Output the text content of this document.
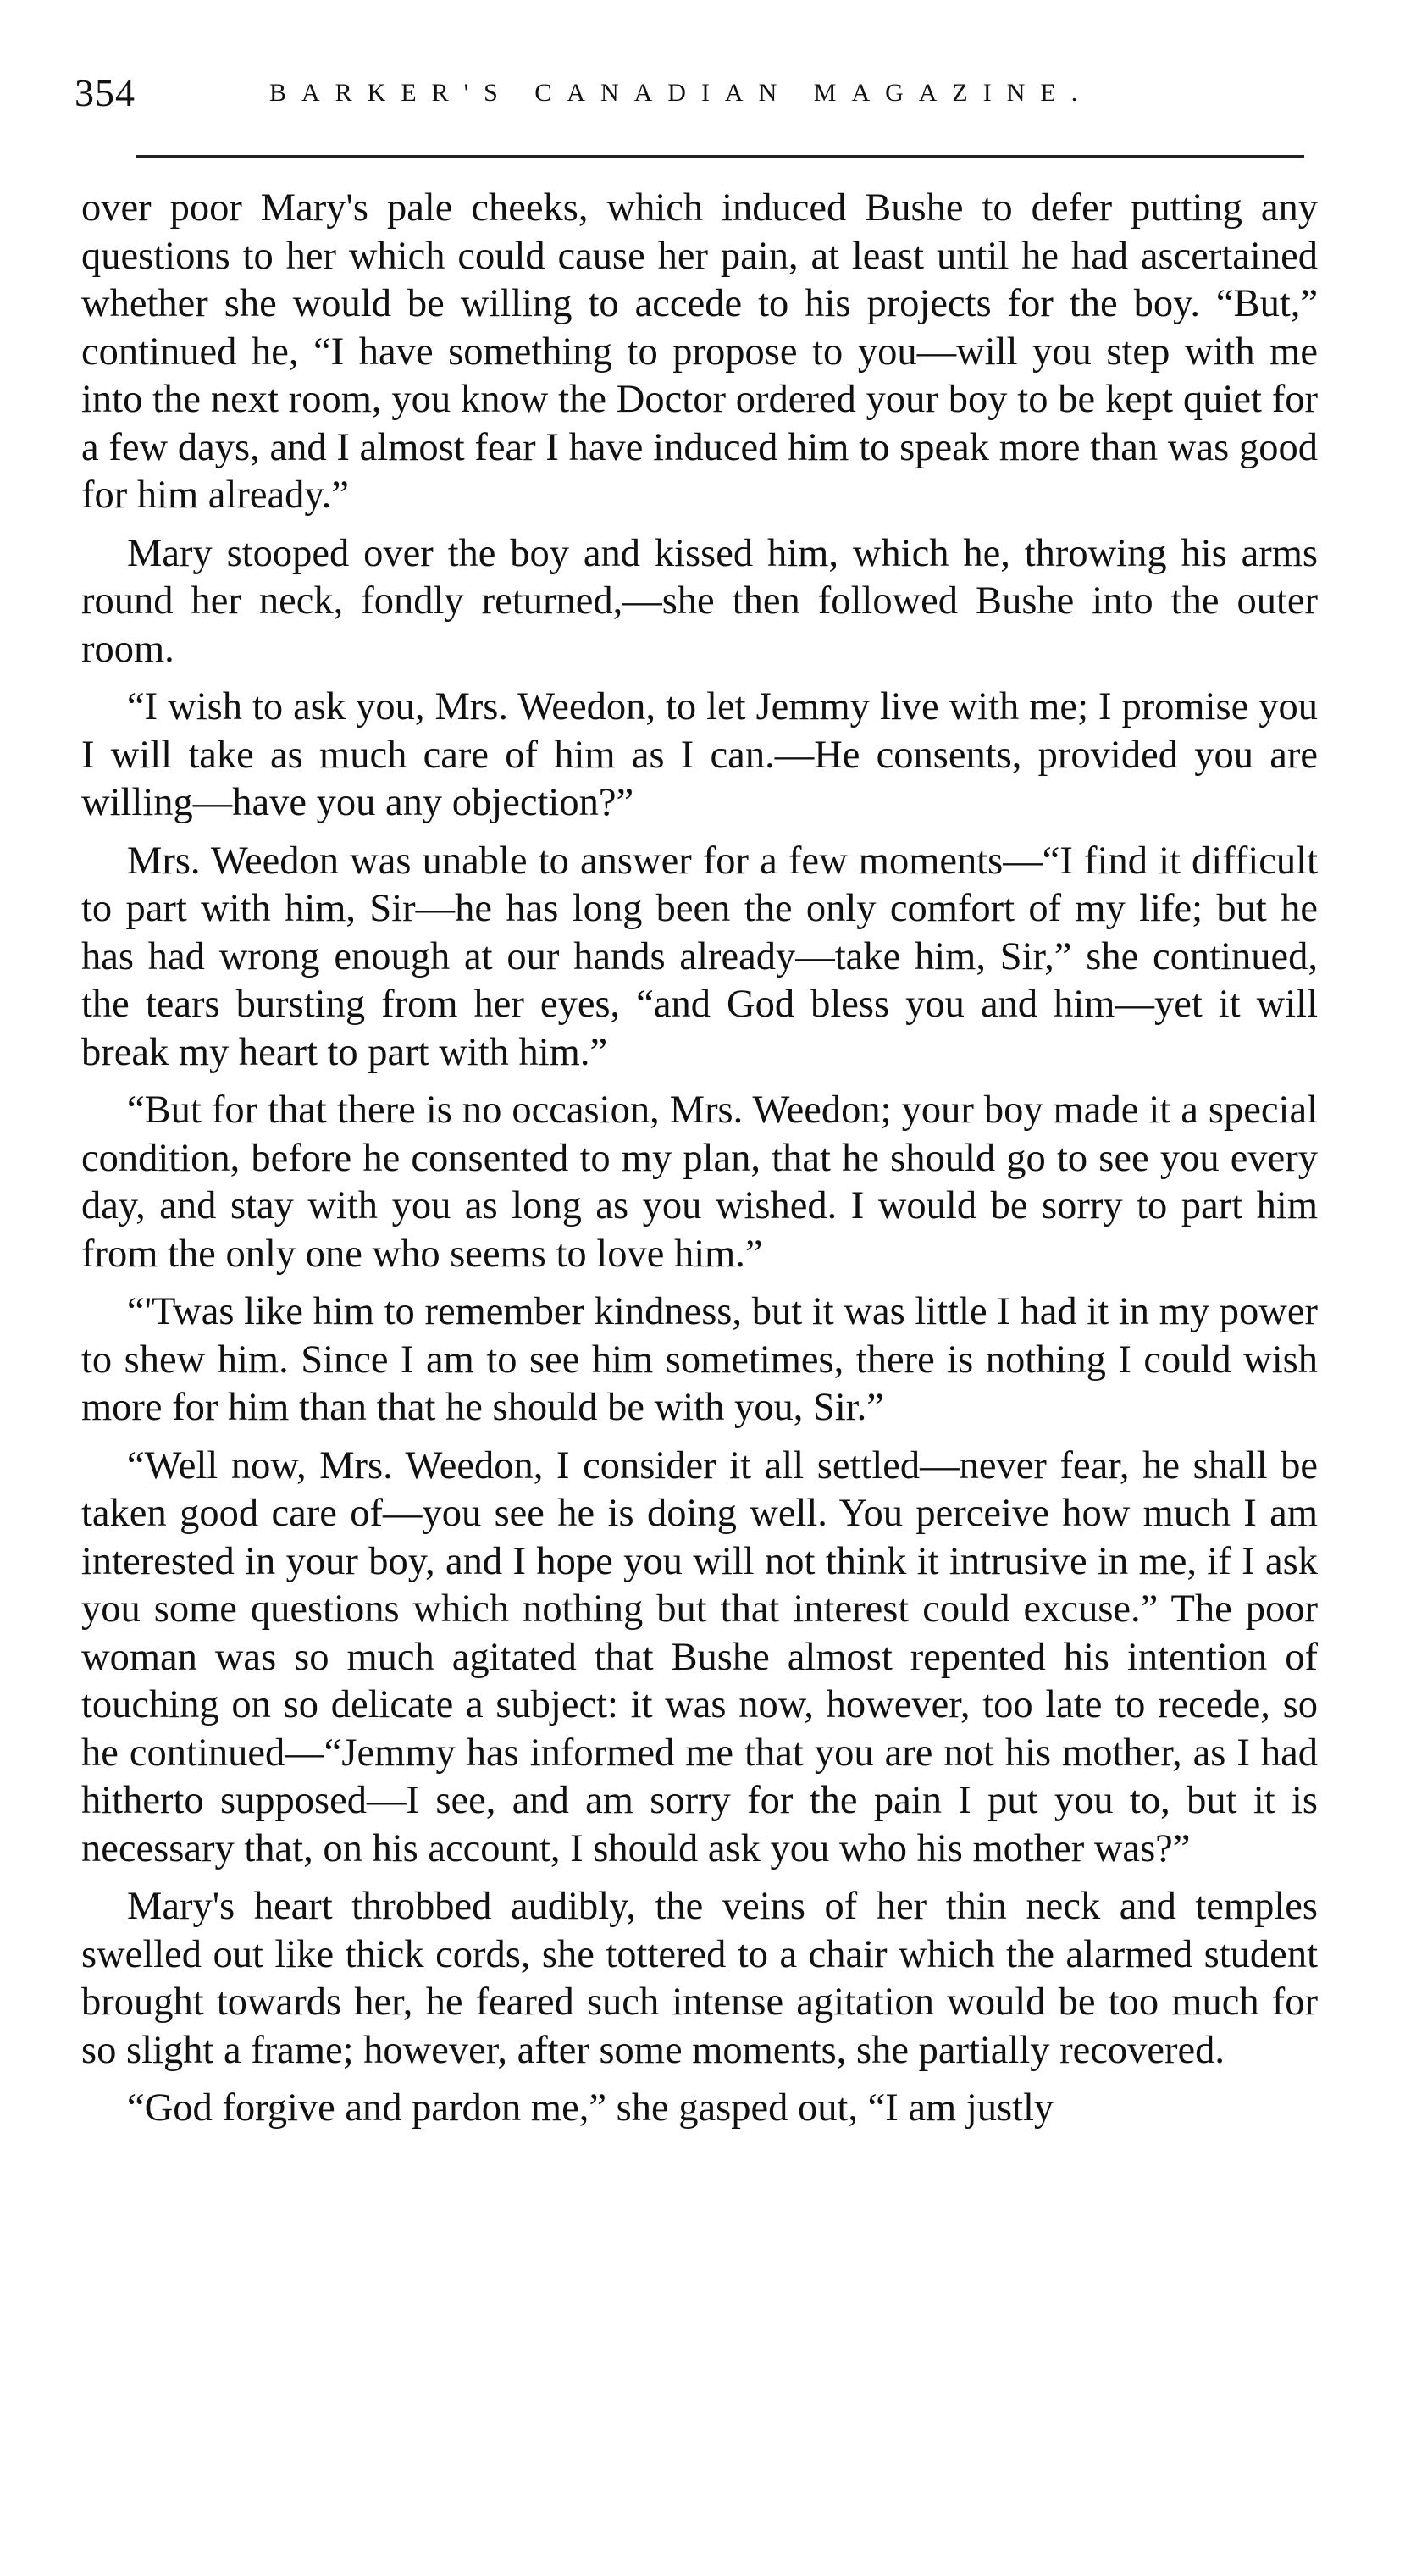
354	BARKER'S CANADIAN MAGAZINE.

over poor Mary's pale cheeks, which induced Bushe to defer putting any questions to her which could cause her pain, at least until he had ascertained whether she would be willing to accede to his projects for the boy. “But,” continued he, “I have something to propose to you—will you step with me into the next room, you know the Doctor ordered your boy to be kept quiet for a few days, and I almost fear I have induced him to speak more than was good for him already.”

Mary stooped over the boy and kissed him, which he, throwing his arms round her neck, fondly returned,—she then followed Bushe into the outer room.

“I wish to ask you, Mrs. Weedon, to let Jemmy live with me; I promise you I will take as much care of him as I can.—He consents, provided you are willing—have you any objection?”

Mrs. Weedon was unable to answer for a few moments—“I find it difficult to part with him, Sir—he has long been the only comfort of my life; but he has had wrong enough at our hands already—take him, Sir,” she continued, the tears bursting from her eyes, “and God bless you and him—yet it will break my heart to part with him.”

“But for that there is no occasion, Mrs. Weedon; your boy made it a special condition, before he consented to my plan, that he should go to see you every day, and stay with you as long as you wished. I would be sorry to part him from the only one who seems to love him.”

“'Twas like him to remember kindness, but it was little I had it in my power to shew him. Since I am to see him sometimes, there is nothing I could wish more for him than that he should be with you, Sir.”

“Well now, Mrs. Weedon, I consider it all settled—never fear, he shall be taken good care of—you see he is doing well. You perceive how much I am interested in your boy, and I hope you will not think it intrusive in me, if I ask you some questions which nothing but that interest could excuse.” The poor woman was so much agitated that Bushe almost repented his intention of touching on so delicate a subject: it was now, however, too late to recede, so he continued—“Jemmy has informed me that you are not his mother, as I had hitherto supposed—I see, and am sorry for the pain I put you to, but it is necessary that, on his account, I should ask you who his mother was?”

Mary's heart throbbed audibly, the veins of her thin neck and temples swelled out like thick cords, she tottered to a chair which the alarmed student brought towards her, he feared such intense agitation would be too much for so slight a frame; however, after some moments, she partially recovered.

“God forgive and pardon me,” she gasped out, “I am justly
